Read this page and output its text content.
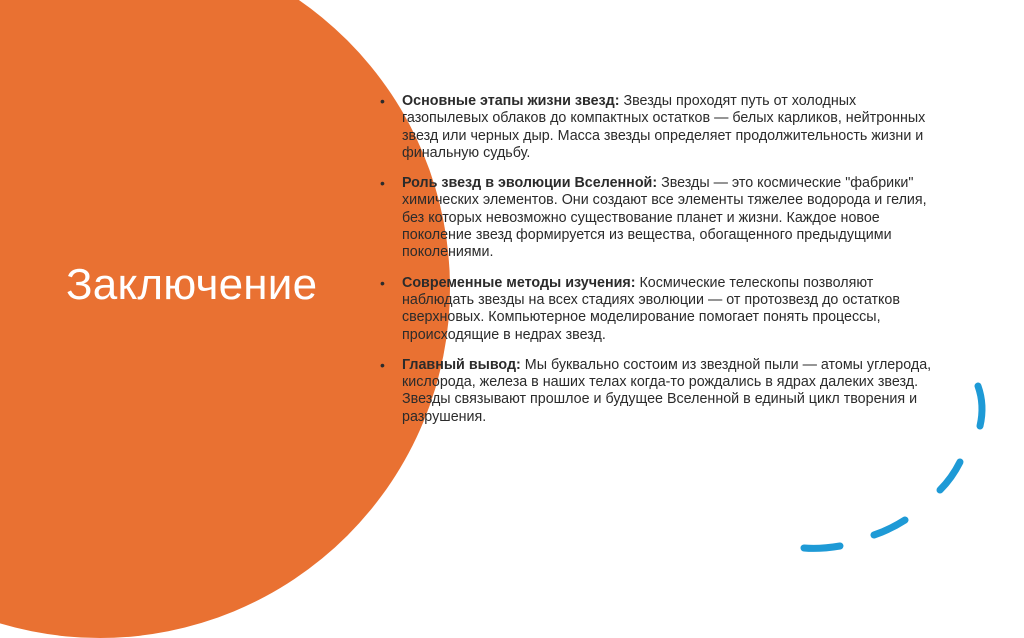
Заключение
• Основные этапы жизни звезд: Звезды проходят путь от холодных газопылевых облаков до компактных остатков — белых карликов, нейтронных звезд или черных дыр. Масса звезды определяет продолжительность жизни и финальную судьбу.
• Роль звезд в эволюции Вселенной: Звезды — это космические "фабрики" химических элементов. Они создают все элементы тяжелее водорода и гелия, без которых невозможно существование планет и жизни. Каждое новое поколение звезд формируется из вещества, обогащенного предыдущими поколениями.
• Современные методы изучения: Космические телескопы позволяют наблюдать звезды на всех стадиях эволюции — от протозвезд до остатков сверхновых. Компьютерное моделирование помогает понять процессы, происходящие в недрах звезд.
• Главный вывод: Мы буквально состоим из звездной пыли — атомы углерода, кислорода, железа в наших телах когда-то рождались в ядрах далеких звезд. Звезды связывают прошлое и будущее Вселенной в единый цикл творения и разрушения.
